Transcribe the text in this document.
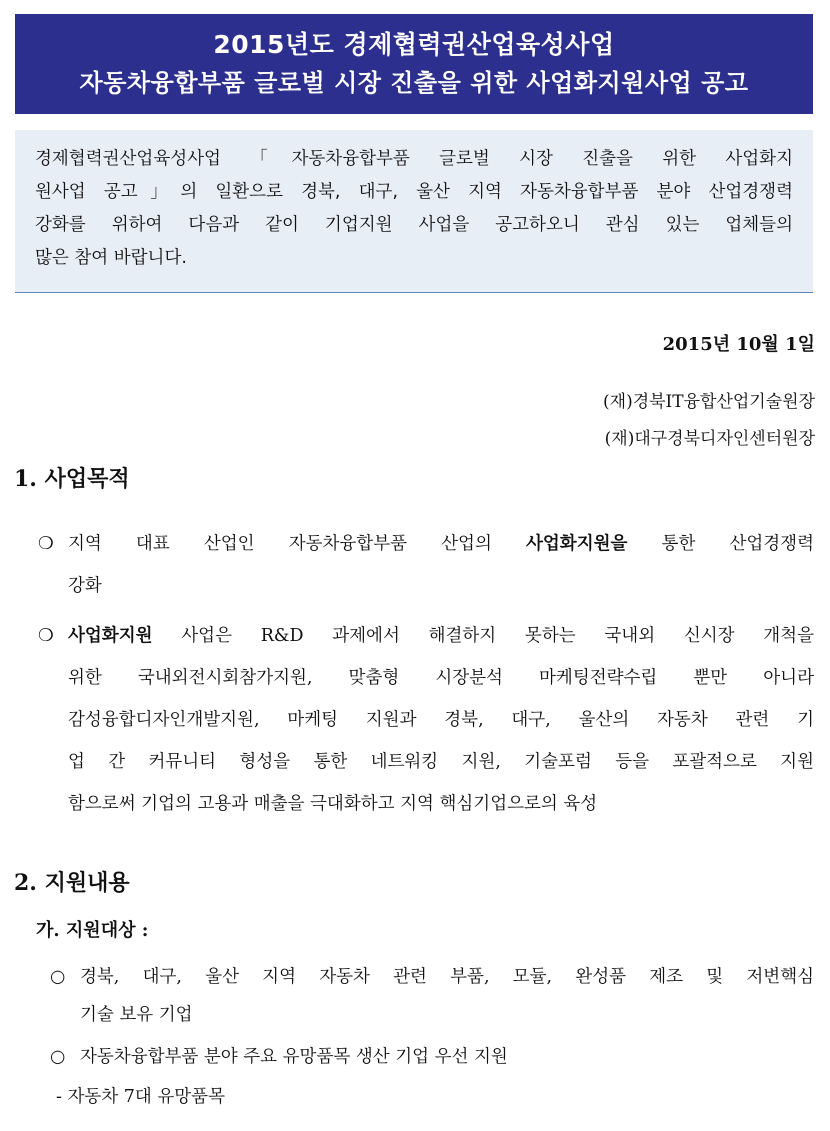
2015년도 경제협력권산업육성사업
자동차융합부품 글로벌 시장 진출을 위한 사업화지원사업 공고
경제협력권산업육성사업 「자동차융합부품 글로벌 시장 진출을 위한 사업화지
원사업 공고」의 일환으로 경북, 대구, 울산 지역 자동차융합부품 분야 산업경쟁력
강화를 위하여 다음과 같이 기업지원 사업을 공고하오니 관심 있는 업체들의
많은 참여 바랍니다.
2015년 10월 1일
(재)경북IT융합산업기술원장
(재)대구경북디자인센터원장
1. 사업목적
❍ 지역 대표 산업인 자동차융합부품 산업의 사업화지원을 통한 산업경쟁력
강화
❍ 사업화지원 사업은 R&D 과제에서 해결하지 못하는 국내외 신시장 개척을
위한 국내외전시회참가지원, 맞춤형 시장분석 마케팅전략수립 뿐만 아니라
감성융합디자인개발지원, 마케팅 지원과 경북, 대구, 울산의 자동차 관련 기
업 간 커뮤니티 형성을 통한 네트워킹 지원, 기술포럼 등을 포괄적으로 지원
함으로써 기업의 고용과 매출을 극대화하고 지역 핵심기업으로의 육성
2. 지원내용
가. 지원대상 :
○ 경북, 대구, 울산 지역 자동차 관련 부품, 모듈, 완성품 제조 및 저변핵심
기술 보유 기업
○ 자동차융합부품 분야 주요 유망품목 생산 기업 우선 지원
- 자동차 7대 유망품목
